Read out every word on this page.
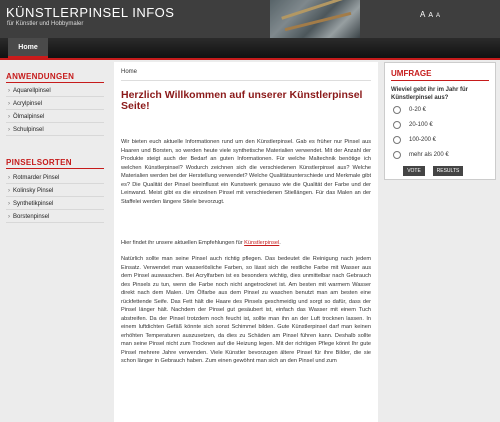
KÜNSTLERPINSEL INFOS
für Künstler und Hobbymaler
A A A
Home
ANWENDUNGEN
› Aquarellpinsel
› Acrylpinsel
› Ölmalpinsel
› Schulpinsel
PINSELSORTEN
› Rotmarder Pinsel
› Kolinsky Pinsel
› Synthetikpinsel
› Borstenpinsel
Home
Herzlich Willkommen auf unserer Künstlerpinsel Seite!
Wir bieten euch aktuelle Informationen rund um den Künstlerpinsel. Gab es früher nur Pinsel aus Haaren und Borsten, so werden heute viele synthetische Materialien verwendet. Mit der Anzahl der Produkte steigt auch der Bedarf an guten Informationen. Für welche Maltechnik benötige ich welchen Künstlerpinsel? Wodurch zeichnen sich die verschiedenen Künstlerpinsel aus? Welche Materialien werden bei der Herstellung verwendet? Welche Qualitätsunterschiede und Merkmale gibt es? Die Qualität der Pinsel beeinflusst ein Kunstwerk genauso wie die Qualität der Farbe und der Leinwand. Meist gibt es die einzelnen Pinsel mit verschiedenen Stiellängen. Für das Malen an der Staffelei werden längere Stiele bevorzugt.
Hier findet ihr unsere aktuellen Empfehlungen für Künstlerpinsel.
Natürlich sollte man seine Pinsel auch richtig pflegen. Das bedeutet die Reinigung nach jedem Einsatz. Verwendet man wasserlösliche Farben, so lässt sich die restliche Farbe mit Wasser aus dem Pinsel auswaschen. Bei Acrylfarben ist es besonders wichtig, dies unmittelbar nach Gebrauch des Pinsels zu tun, wenn die Farbe noch nicht angetrocknet ist. Am besten mit warmem Wasser direkt nach dem Malen. Um Ölfarbe aus dem Pinsel zu waschen benutzt man am besten eine rückfettende Seife. Das Fett hält die Haare des Pinsels geschmeidig und sorgt so dafür, dass der Pinsel länger hält. Nachdem der Pinsel gut gesäubert ist, einfach das Wasser mit einem Tuch abstreifen. Da der Pinsel trotzdem noch feucht ist, sollte man ihn an der Luft trocknen lassen. In einem luftdichten Gefäß könnte sich sonst Schimmel bilden. Gute Künstlerpinsel darf man keinen erhöhten Temperaturen auszusetzen, da dies zu Schäden am Pinsel führen kann. Deshalb sollte man seine Pinsel nicht zum Trocknen auf die Heizung legen. Mit der richtigen Pflege könnt Ihr gute Pinsel mehrere Jahre verwenden. Viele Künstler bevorzugen ältere Pinsel für ihre Bilder, die sie schon länger in Gebrauch haben. Zum einen gewöhnt man sich an den Pinsel und zum
UMFRAGE
Wieviel gebt ihr im Jahr für Künstlerpinsel aus?
0-20 €
20-100 €
100-200 €
mehr als 200 €
VOTE	RESULTS
